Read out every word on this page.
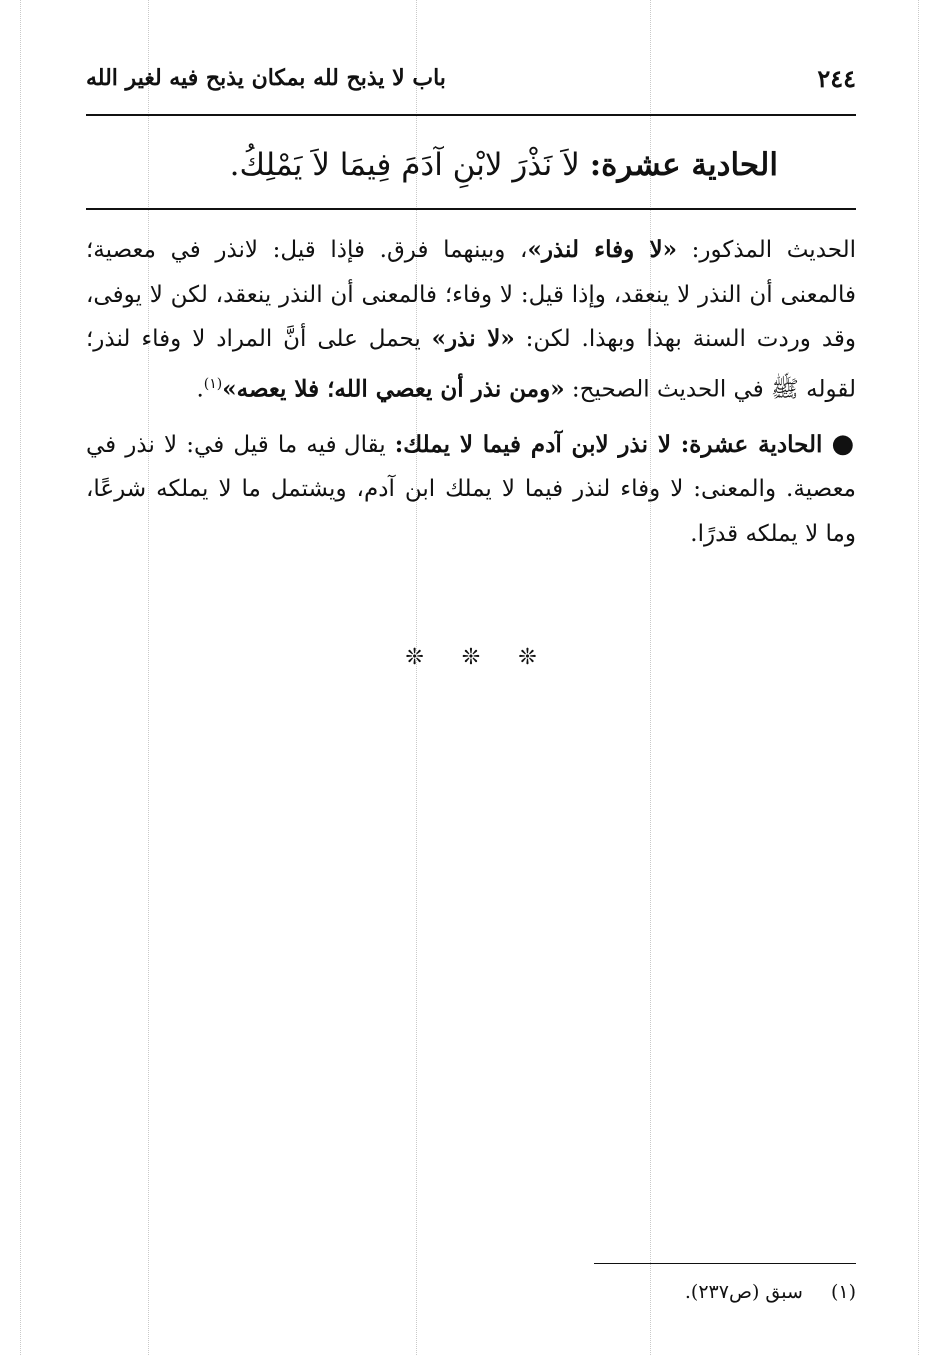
٢٤٤
باب لا يذبح لله بمكان يذبح فيه لغير الله
الحادية عشرة:

لاَ نَذْرَ لابْنِ آدَمَ فِيمَا لاَ يَمْلِكُ.

الحديث المذكور: «لا وفاء لنذر»، وبينهما فرق. فإذا قيل: لانذر في معصية؛ فالمعنى أن النذر لا ينعقد، وإذا قيل: لا وفاء؛ فالمعنى أن النذر ينعقد، لكن لا يوفى، وقد وردت السنة بهذا وبهذا. لكن: «لا نذر» يحمل على أنَّ المراد لا وفاء لنذر؛ لقوله ﷺ في الحديث الصحيح: «ومن نذر أن يعصي الله؛ فلا يعصه»$^{(١)}$.

● الحادية عشرة: لا نذر لابن آدم فيما لا يملك: يقال فيه ما قيل في: لا نذر في معصية. والمعنى: لا وفاء لنذر فيما لا يملك ابن آدم، ويشتمل ما لا يملكه شرعًا، وما لا يملكه قدرًا.

❊ ❊ ❊
(١) سبق (ص٢٣٧).
